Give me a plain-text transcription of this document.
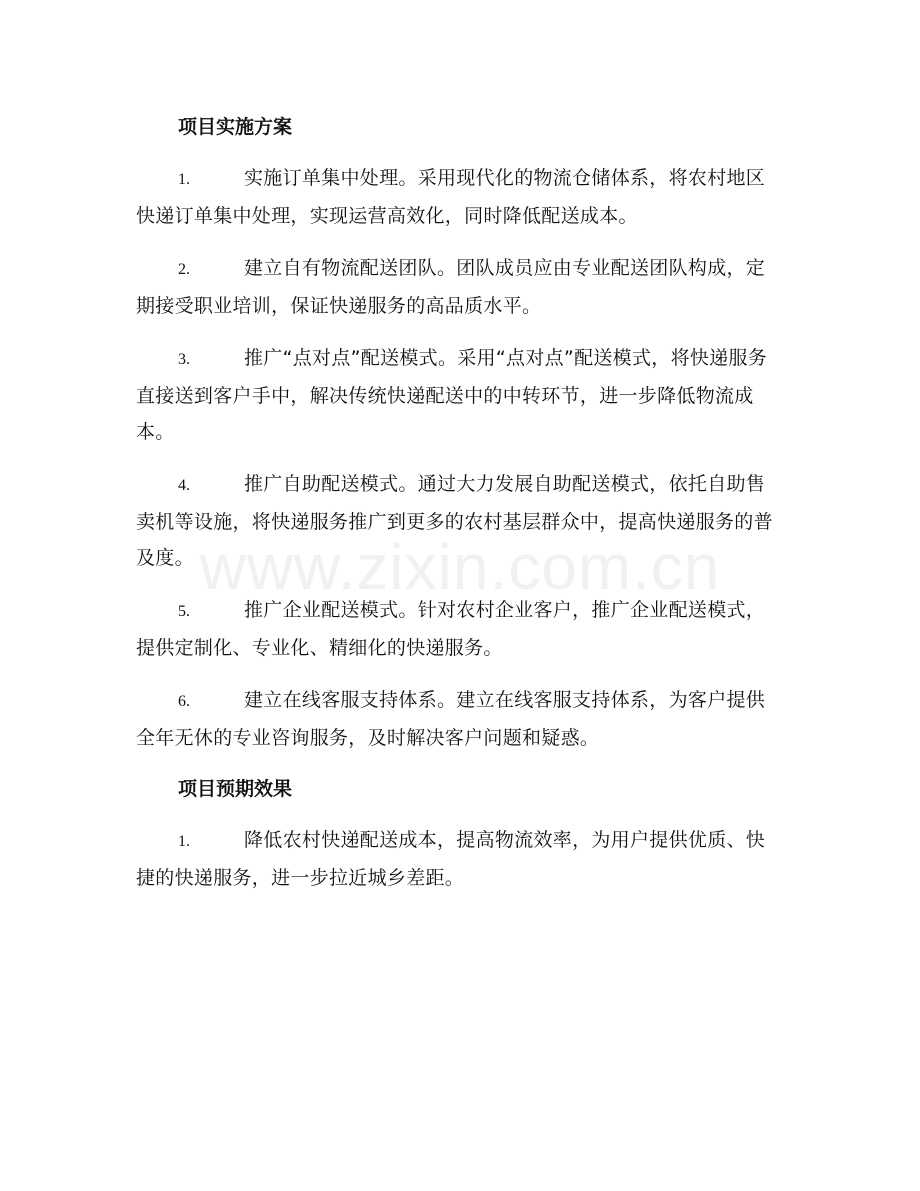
项目实施方案
1.	实施订单集中处理。采用现代化的物流仓储体系，将农村地区快递订单集中处理，实现运营高效化，同时降低配送成本。
2.	建立自有物流配送团队。团队成员应由专业配送团队构成，定期接受职业培训，保证快递服务的高品质水平。
3.	推广“点对点”配送模式。采用“点对点”配送模式，将快递服务直接送到客户手中，解决传统快递配送中的中转环节，进一步降低物流成本。
4.	推广自助配送模式。通过大力发展自助配送模式，依托自助售卖机等设施，将快递服务推广到更多的农村基层群众中，提高快递服务的普及度。
5.	推广企业配送模式。针对农村企业客户，推广企业配送模式，提供定制化、专业化、精细化的快递服务。
6.	建立在线客服支持体系。建立在线客服支持体系，为客户提供全年无休的专业咨询服务，及时解决客户问题和疑惑。
项目预期效果
1.	降低农村快递配送成本，提高物流效率，为用户提供优质、快捷的快递服务，进一步拉近城乡差距。
www.zixin.com.cn
